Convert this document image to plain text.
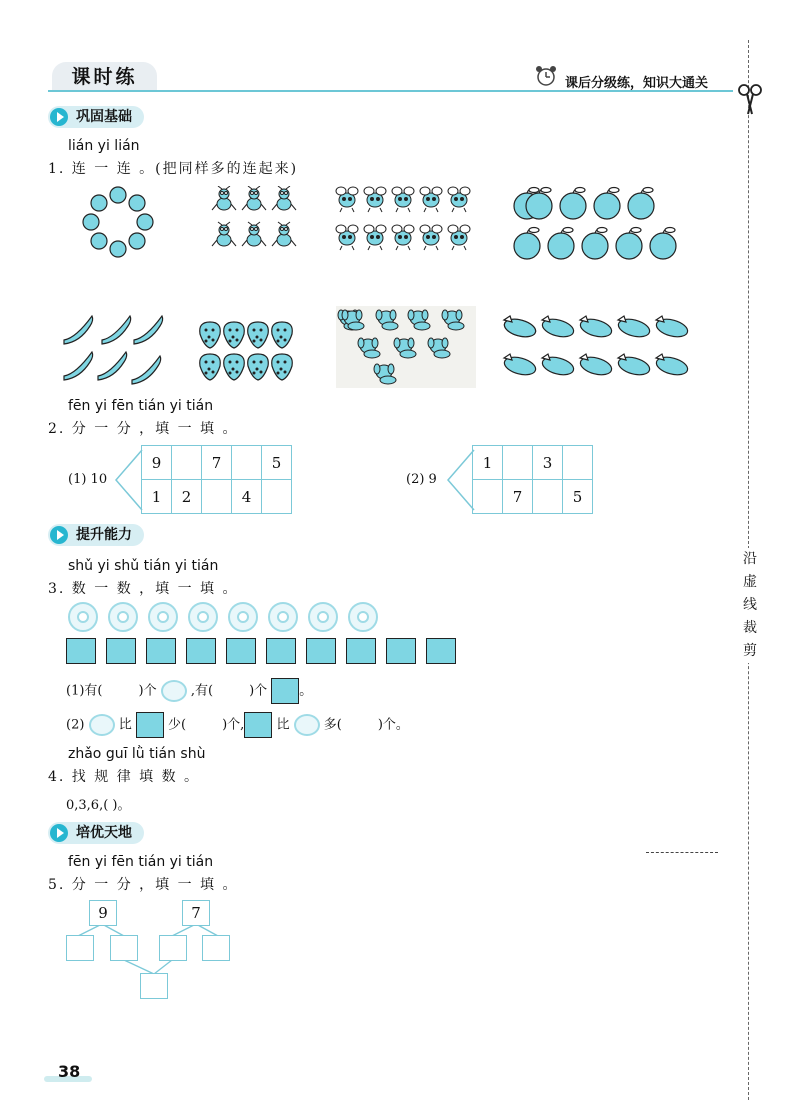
课时练	课后分级练，知识大通关
沿
虚
线
裁
剪
巩固基础
lián yi lián
1. 连 一 连 。(把同样多的连起来)
fēn yi fēn tián yi tián
2. 分 一 分 ，填 一 填 。
(1) 10
9		7		5
1	2		4	
(2) 9
1		3	
	7		5
提升能力
shǔ yi shǔ tián yi tián
3. 数 一 数 ，填 一 填 。
(1)有(	)个	,有(	)个 。
(2)	比	少(	)个, 比	多(	)个。
zhǎo guī lǜ tián shù
4. 找 规 律 填 数 。
0,3,6,( )。
培优天地
fēn yi fēn tián yi tián
5. 分 一 分 ，填 一 填 。
9	7
38
